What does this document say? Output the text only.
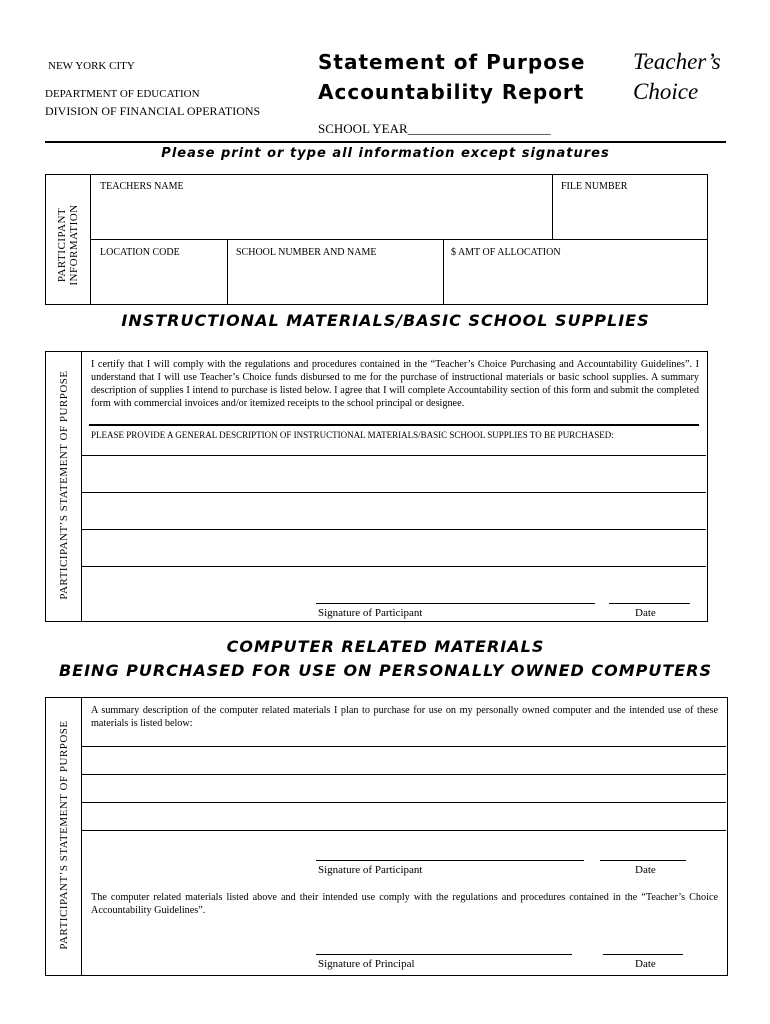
NEW YORK CITY
DEPARTMENT OF EDUCATION
DIVISION OF FINANCIAL OPERATIONS
Statement of Purpose
Accountability Report
Teacher’s
Choice
SCHOOL YEAR______________________
Please print or type all information except signatures
PARTICIPANT INFORMATION
TEACHERS NAME	FILE NUMBER
LOCATION CODE	SCHOOL NUMBER AND NAME	$ AMT OF ALLOCATION
INSTRUCTIONAL MATERIALS/BASIC SCHOOL SUPPLIES
PARTICIPANT’S STATEMENT OF PURPOSE
I certify that I will comply with the regulations and procedures contained in the “Teacher’s Choice Purchasing and Accountability Guidelines”. I understand that I will use Teacher’s Choice funds disbursed to me for the purchase of instructional materials or basic school supplies. A summary description of supplies I intend to purchase is listed below. I agree that I will complete Accountability section of this form and submit the completed form with commercial invoices and/or itemized receipts to the school principal or designee.
PLEASE PROVIDE A GENERAL DESCRIPTION OF INSTRUCTIONAL MATERIALS/BASIC SCHOOL SUPPLIES TO BE PURCHASED:
Signature of Participant	Date
COMPUTER RELATED MATERIALS
BEING PURCHASED FOR USE ON PERSONALLY OWNED COMPUTERS
PARTICIPANT’S STATEMENT OF PURPOSE
A summary description of the computer related materials I plan to purchase for use on my personally owned computer and the intended use of these materials is listed below:
Signature of Participant	Date
The computer related materials listed above and their intended use comply with the regulations and procedures contained in the “Teacher’s Choice Accountability Guidelines”.
Signature of Principal	Date
